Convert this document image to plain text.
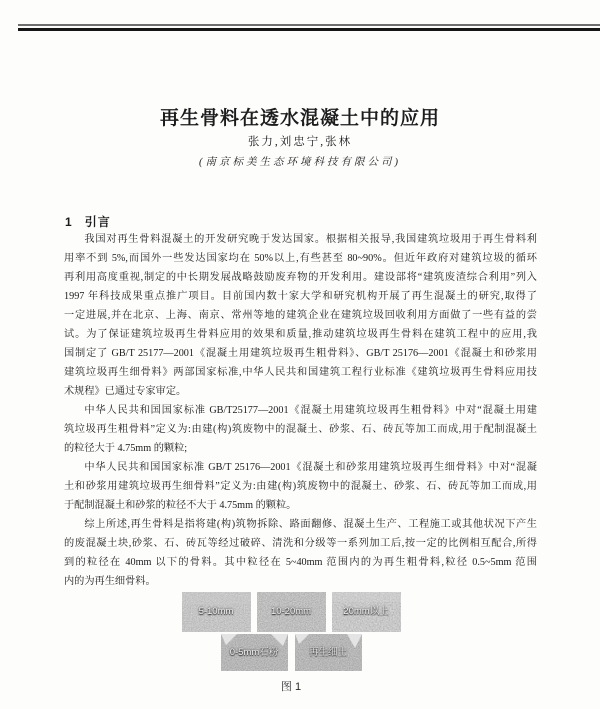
再生骨料在透水混凝土中的应用
张力,刘忠宁,张林
(南京标美生态环境科技有限公司)
1 引言
我国对再生骨料混凝土的开发研究晚于发达国家。根据相关报导,我国建筑垃圾用于再生骨料利
用率不到 5%,而国外一些发达国家均在 50%以上,有些甚至 80~90%。但近年政府对建筑垃圾的循环
再利用高度重视,制定的中长期发展战略鼓励废弃物的开发利用。建设部将“建筑废渣综合利用”列入
1997 年科技成果重点推广项目。目前国内数十家大学和研究机构开展了再生混凝土的研究,取得了
一定进展,并在北京、上海、南京、常州等地的建筑企业在建筑垃圾回收利用方面做了一些有益的尝
试。为了保证建筑垃圾再生骨料应用的效果和质量,推动建筑垃圾再生骨料在建筑工程中的应用,我
国制定了 GB/T 25177—2001《混凝土用建筑垃圾再生粗骨料》、GB/T 25176—2001《混凝土和砂浆用
建筑垃圾再生细骨料》两部国家标准,中华人民共和国建筑工程行业标准《建筑垃圾再生骨料应用技
术规程》已通过专家审定。
中华人民共和国国家标准 GB/T25177—2001《混凝土用建筑垃圾再生粗骨料》中对“混凝土用建
筑垃圾再生粗骨料”定义为:由建(构)筑废物中的混凝土、砂浆、石、砖瓦等加工而成,用于配制混凝土
的粒径大于 4.75mm 的颗粒;
中华人民共和国国家标准 GB/T 25176—2001《混凝土和砂浆用建筑垃圾再生细骨料》中对“混凝
土和砂浆用建筑垃圾再生细骨料”定义为:由建(构)筑废物中的混凝土、砂浆、石、砖瓦等加工而成,用
于配制混凝土和砂浆的粒径不大于 4.75mm 的颗粒。
综上所述,再生骨料是指将建(构)筑物拆除、路面翻修、混凝土生产、工程施工或其他状况下产生
的废混凝土块,砂浆、石、砖瓦等经过破碎、清洗和分级等一系列加工后,按一定的比例相互配合,所得
到的粒径在 40mm 以下的骨料。其中粒径在 5~40mm 范围内的为再生粗骨料,粒径 0.5~5mm 范围
内的为再生细骨料。
5-10mm	10-20mm	20mm以上
0-5mm石粉	再生细土
图 1
